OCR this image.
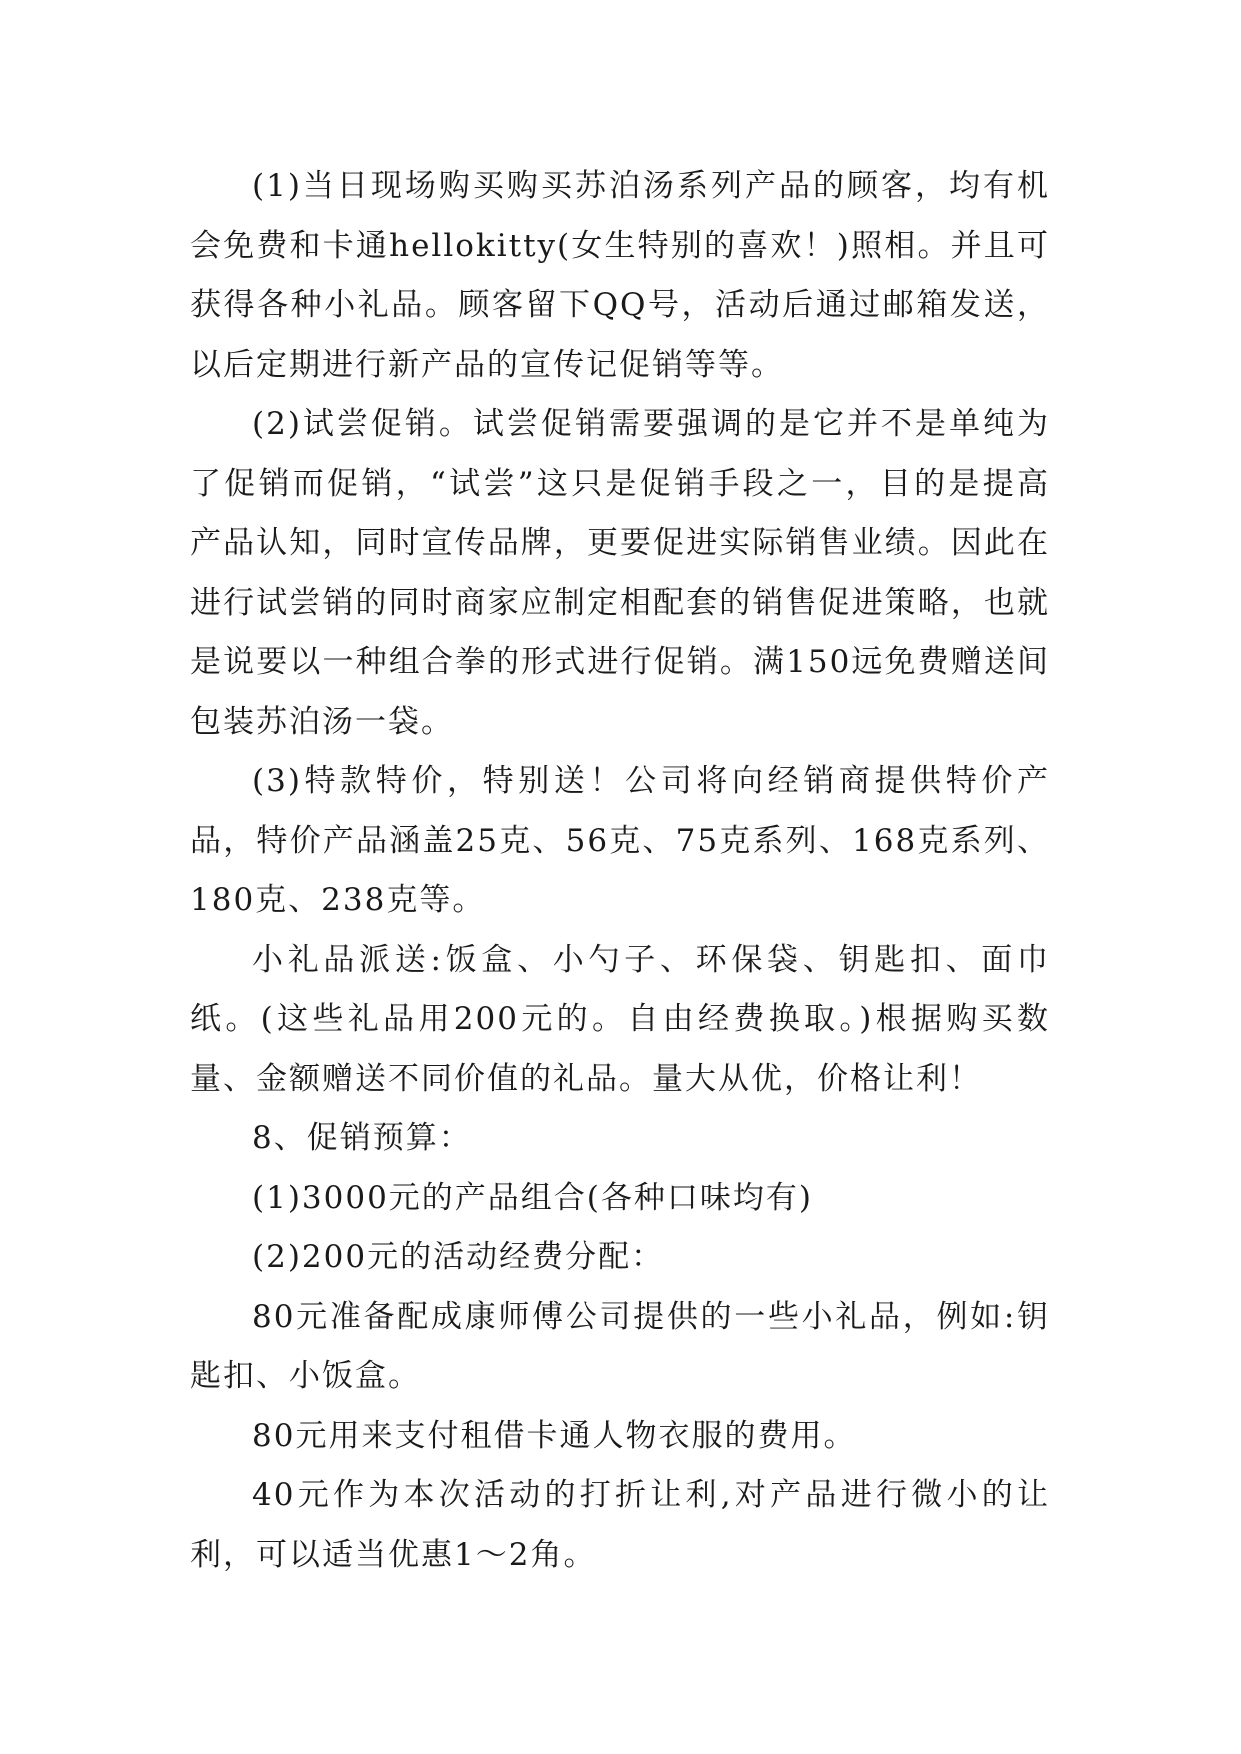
(1)当日现场购买购买苏泊汤系列产品的顾客，均有机会免费和卡通hellokitty(女生特别的喜欢！)照相。并且可获得各种小礼品。顾客留下QQ号，活动后通过邮箱发送，以后定期进行新产品的宣传记促销等等。

(2)试尝促销。试尝促销需要强调的是它并不是单纯为了促销而促销，“试尝”这只是促销手段之一，目的是提高产品认知，同时宣传品牌，更要促进实际销售业绩。因此在进行试尝销的同时商家应制定相配套的销售促进策略，也就是说要以一种组合拳的形式进行促销。满150远免费赠送间包装苏泊汤一袋。

(3)特款特价，特别送！公司将向经销商提供特价产品，特价产品涵盖25克、56克、75克系列、168克系列、180克、238克等。

小礼品派送:饭盒、小勺子、环保袋、钥匙扣、面巾纸。(这些礼品用200元的。自由经费换取。)根据购买数量、金额赠送不同价值的礼品。量大从优，价格让利！

8、促销预算：

(1)3000元的产品组合(各种口味均有)

(2)200元的活动经费分配：

80元准备配成康师傅公司提供的一些小礼品，例如:钥匙扣、小饭盒。

80元用来支付租借卡通人物衣服的费用。

40元作为本次活动的打折让利,对产品进行微小的让利，可以适当优惠1～2角。
